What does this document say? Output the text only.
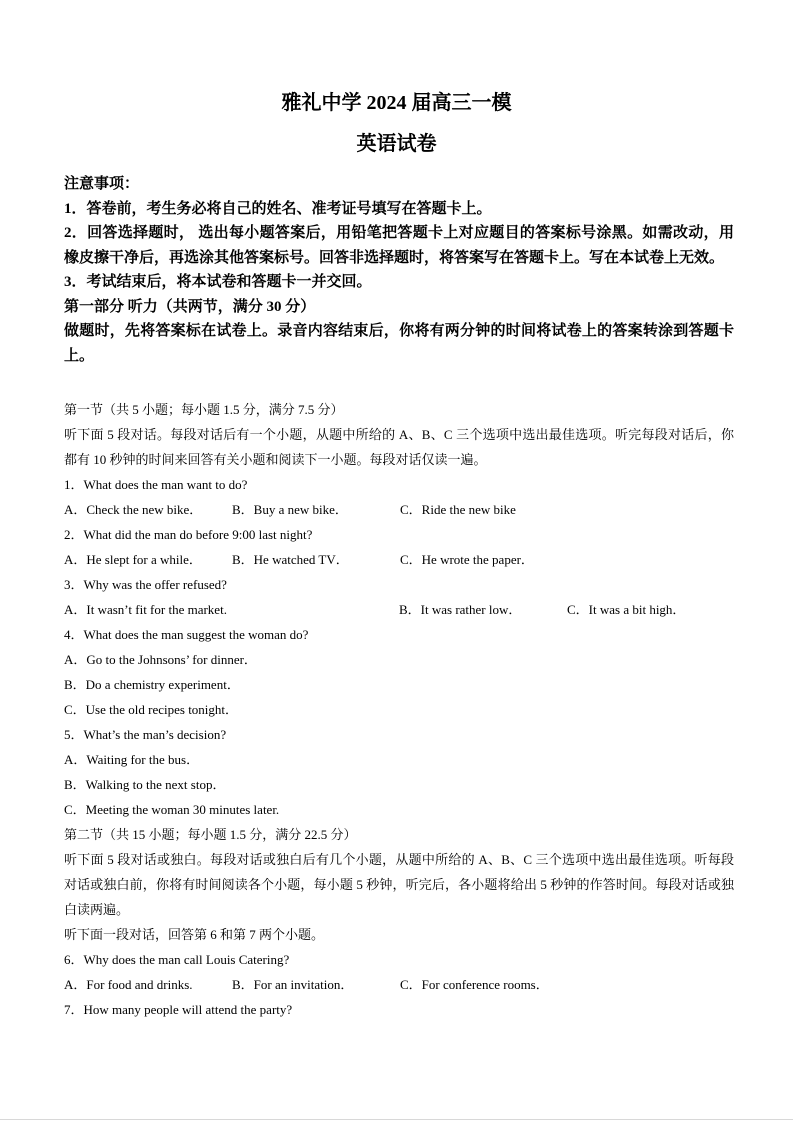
雅礼中学 2024 届高三一模
英语试卷

注意事项：

1．答卷前，考生务必将自己的姓名、准考证号填写在答题卡上。

2．回答选择题时， 选出每小题答案后，用铅笔把答题卡上对应题目的答案标号涂黑。如需改动，用橡皮擦干净后，再选涂其他答案标号。回答非选择题时，将答案写在答题卡上。写在本试卷上无效。

3．考试结束后，将本试卷和答题卡一并交回。

第一部分 听力（共两节，满分 30 分）

做题时，先将答案标在试卷上。录音内容结束后，你将有两分钟的时间将试卷上的答案转涂到答题卡上。

第一节（共 5 小题；每小题 1.5 分，满分 7.5 分）

听下面 5 段对话。每段对话后有一个小题，从题中所给的 A、B、C 三个选项中选出最佳选项。听完每段对话后，你都有 10 秒钟的时间来回答有关小题和阅读下一小题。每段对话仅读一遍。

1．What does the man want to do?

A．Check the new bike．	B．Buy a new bike．	C．Ride the new bike

2．What did the man do before 9:00 last night?

A．He slept for a while．	B．He watched TV．	C．He wrote the paper．

3．Why was the offer refused?

A．It wasn’t fit for the market.	B．It was rather low．	C．It was a bit high．

4．What does the man suggest the woman do?

A．Go to the Johnsons’ for dinner．

B．Do a chemistry experiment．

C．Use the old recipes tonight．

5．What’s the man’s decision?

A．Waiting for the bus．

B．Walking to the next stop．

C．Meeting the woman 30 minutes later.

第二节（共 15 小题；每小题 1.5 分，满分 22.5 分）

听下面 5 段对话或独白。每段对话或独白后有几个小题，从题中所给的 A、B、C 三个选项中选出最佳选项。听每段对话或独白前，你将有时间阅读各个小题，每小题 5 秒钟，听完后，各小题将给出 5 秒钟的作答时间。每段对话或独白读两遍。

听下面一段对话，回答第 6 和第 7 两个小题。

6．Why does the man call Louis Catering?

A．For food and drinks.	B．For an invitation．	C．For conference rooms．

7．How many people will attend the party?
